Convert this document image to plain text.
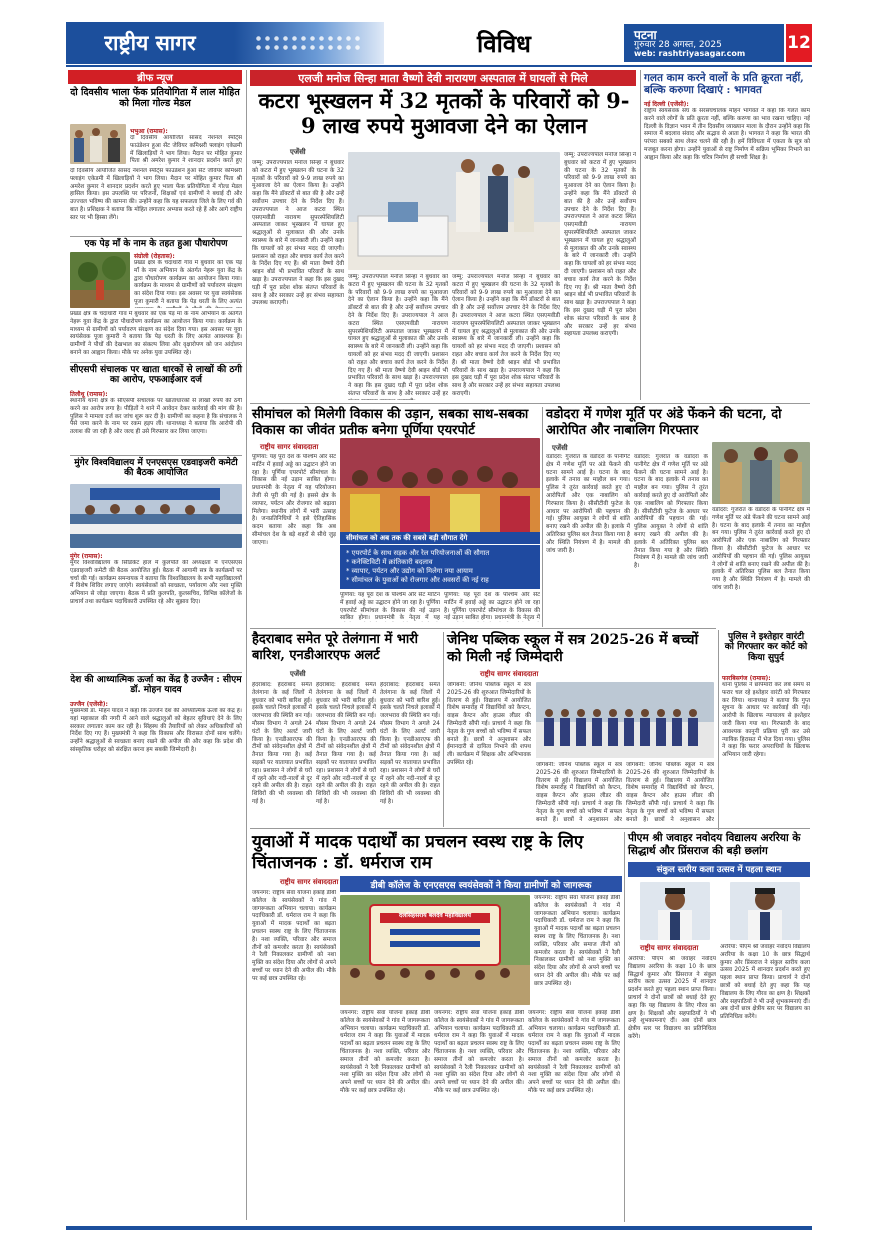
राष्ट्रीय सागर	विविध	पटना
गुरुवार 28 अगस्त, 2025
web: rashtriyasagar.com
12
ब्रीफ न्यूज
दो दिवसीय भाला फेंक प्रतियोगिता में लाल मोहित को मिला गोल्ड मेडल
भभुआ (रामास):
दो दिवसीय आयोजित सांसद नेशनल स्पोर्ट्स फाउंडेशन हुआ सेंट जेवियर कमिश्नरी फ्लाइंग एकेडमी में खिलाड़ियों ने भाग लिया। मैदान पर मोहित कुमार पिता श्री अमरेश कुमार ने शानदार प्रदर्शन करते हुए
दो दिवसीय आयोजित सांसद नेशनल स्पोर्ट्स फाउंडेशन हुआ सेंट जेवियर कमिश्नरी फ्लाइंग एकेडमी में खिलाड़ियों ने भाग लिया। मैदान पर मोहित कुमार पिता श्री अमरेश कुमार ने शानदार प्रदर्शन करते हुए भाला फेंक प्रतियोगिता में गोल्ड मेडल हासिल किया। इस उपलब्धि पर परिजनों, शिक्षकों एवं ग्रामीणों ने बधाई दी और उज्ज्वल भविष्य की कामना की। उन्होंने कहा कि यह सफलता जिले के लिए गर्व की बात है। प्रशिक्षक ने बताया कि मोहित लगातार अभ्यास करते रहे हैं और आगे राष्ट्रीय स्तर पर भी हिस्सा लेंगे।
एक पेड़ माँ के नाम के तहत हुआ पौधारोपण
संग्रोली (रोहतास):
प्रखंड क्षेत्र के चंदाधारी गांव में बुधवार को एक पेड़ माँ के नाम अभियान के अंतर्गत नेहरू युवा केंद्र के द्वारा पौधारोपण कार्यक्रम का आयोजन किया गया। कार्यक्रम के माध्यम से ग्रामीणों को पर्यावरण संरक्षण का संदेश दिया गया। इस अवसर पर युवा स्वयंसेवक पूजा कुमारी ने बताया कि पेड़ धरती के लिए अत्यंत
प्रखंड क्षेत्र के चंदाधारी गांव में बुधवार को एक पेड़ माँ के नाम अभियान के अंतर्गत नेहरू युवा केंद्र के द्वारा पौधारोपण कार्यक्रम का आयोजन किया गया। कार्यक्रम के माध्यम से ग्रामीणों को पर्यावरण संरक्षण का संदेश दिया गया। इस अवसर पर युवा स्वयंसेवक पूजा कुमारी ने बताया कि पेड़ धरती के लिए अत्यंत आवश्यक हैं। ग्रामीणों ने पौधों की देखभाल का संकल्प लिया और वृक्षारोपण को जन आंदोलन बनाने का आह्वान किया। मौके पर अनेक युवा उपस्थित रहे।
सीएसपी संचालक पर खाता धारकों से लाखों की ठगी का आरोप, एफआईआर दर्ज
तिलौथू (रामास):
स्थानीय थाना क्षेत्र के सीएसपी संचालक पर खाताधारकों से लाखों रुपये की ठगी करने का आरोप लगा है। पीड़ितों ने थाने में आवेदन देकर कार्रवाई की मांग की है। पुलिस ने मामला दर्ज कर जांच शुरू कर दी है। ग्रामीणों का कहना है कि संचालक ने पैसे जमा करने के नाम पर रकम हड़प ली। थानाध्यक्ष ने बताया कि आरोपी की तलाश की जा रही है और जल्द ही उसे गिरफ्तार कर लिया जाएगा।
मुंगेर विश्वविद्यालय में एनएसएस एडवाइजरी कमेटी की बैठक आयोजित
मुंगेर (रामास):
मुंगेर विश्वविद्यालय के सिंडिकेट हॉल में कुलपति की अध्यक्षता में एनएसएस एडवाइजरी कमेटी की बैठक आयोजित हुई। बैठक में आगामी सत्र के कार्यक्रमों पर चर्चा की गई। कार्यक्रम समन्वयक ने बताया कि विश्वविद्यालय के सभी महाविद्यालयों में विशेष शिविर लगाए जाएंगे। स्वयंसेवकों को स्वच्छता, पर्यावरण और नशा मुक्ति अभियान से जोड़ा जाएगा। बैठक में प्रति कुलपति, कुलसचिव, विभिन्न कॉलेजों के प्राचार्य तथा कार्यक्रम पदाधिकारी उपस्थित रहे और सुझाव दिए।
देश की आध्यात्मिक ऊर्जा का केंद्र है उज्जैन : सीएम डॉ. मोहन यादव
उज्जैन (एजेंसी):
मुख्यमंत्री डॉ. मोहन यादव ने कहा कि उज्जैन देश की आध्यात्मिक ऊर्जा का केंद्र है। यहां महाकाल की नगरी में आने वाले श्रद्धालुओं को बेहतर सुविधाएं देने के लिए सरकार लगातार काम कर रही है। सिंहस्थ की तैयारियों को लेकर अधिकारियों को निर्देश दिए गए हैं। मुख्यमंत्री ने कहा कि विकास और विरासत दोनों साथ चलेंगे। उन्होंने श्रद्धालुओं से स्वच्छता बनाए रखने की अपील की और कहा कि प्रदेश की सांस्कृतिक धरोहर को संरक्षित करना हम सबकी जिम्मेदारी है।
एलजी मनोज सिन्हा माता वैष्णो देवी नारायण अस्पताल में घायलों से मिले
कटरा भूस्खलन में 32 मृतकों के परिवारों को 9-9 लाख रुपये मुआवजा देने का ऐलान
एजेंसी
जम्मू: उपराज्यपाल मनोज सिन्हा ने बुधवार को कटरा में हुए भूस्खलन की घटना के 32 मृतकों के परिवारों को 9-9 लाख रुपये का मुआवजा देने का ऐलान किया है। उन्होंने कहा कि मैंने डॉक्टरों से बात की है और उन्हें सर्वोत्तम उपचार देने के निर्देश दिए हैं। उपराज्यपाल ने आज कटरा स्थित एसएमवीडी नारायण सुपरस्पेशियलिटी अस्पताल जाकर भूस्खलन में घायल हुए श्रद्धालुओं से मुलाकात की और उनके स्वास्थ्य के बारे में जानकारी ली। उन्होंने कहा कि घायलों को हर संभव मदद दी जाएगी। प्रशासन को राहत और बचाव कार्य तेज करने के निर्देश दिए गए हैं। श्री माता वैष्णो देवी श्राइन बोर्ड भी प्रभावित परिवारों के साथ खड़ा है। उपराज्यपाल ने कहा कि इस दुखद घड़ी में पूरा प्रदेश शोक संतप्त परिवारों के साथ है और सरकार उन्हें हर संभव सहायता उपलब्ध कराएगी।
जम्मू: उपराज्यपाल मनोज सिन्हा ने बुधवार को कटरा में हुए भूस्खलन की घटना के 32 मृतकों के परिवारों को 9-9 लाख रुपये का मुआवजा देने का ऐलान किया है। उन्होंने कहा कि मैंने डॉक्टरों से बात की है और उन्हें सर्वोत्तम उपचार देने के निर्देश दिए हैं। उपराज्यपाल ने आज कटरा स्थित एसएमवीडी नारायण सुपरस्पेशियलिटी अस्पताल जाकर भूस्खलन में घायल हुए श्रद्धालुओं से मुलाकात की और उनके स्वास्थ्य के बारे में जानकारी ली। उन्होंने कहा कि घायलों को हर संभव मदद दी जाएगी। प्रशासन को राहत और बचाव कार्य तेज करने के निर्देश दिए गए हैं। श्री माता वैष्णो देवी श्राइन बोर्ड भी प्रभावित परिवारों के साथ खड़ा है। उपराज्यपाल ने कहा कि इस दुखद घड़ी में पूरा प्रदेश शोक संतप्त परिवारों के साथ है और सरकार उन्हें हर
जम्मू: उपराज्यपाल मनोज सिन्हा ने बुधवार को कटरा में हुए भूस्खलन की घटना के 32 मृतकों के परिवारों को 9-9 लाख रुपये का मुआवजा देने का ऐलान किया है। उन्होंने कहा कि मैंने डॉक्टरों से बात की है और उन्हें सर्वोत्तम उपचार देने के निर्देश दिए हैं। उपराज्यपाल ने आज कटरा स्थित एसएमवीडी नारायण सुपरस्पेशियलिटी अस्पताल जाकर भूस्खलन में घायल हुए श्रद्धालुओं से मुलाकात की और उनके स्वास्थ्य के बारे में जानकारी ली। उन्होंने कहा कि घायलों को हर संभव मदद दी जाएगी। प्रशासन को राहत और बचाव कार्य तेज करने के निर्देश दिए गए हैं। श्री माता वैष्णो देवी श्राइन बोर्ड भी प्रभावित परिवारों के साथ खड़ा है। उपराज्यपाल ने कहा कि इस दुखद घड़ी में पूरा प्रदेश शोक संतप्त परिवारों के साथ है और सरकार उन्हें हर संभव सहायता उपलब्ध कराएगी।
जम्मू: उपराज्यपाल मनोज सिन्हा ने बुधवार को कटरा में हुए भूस्खलन की घटना के 32 मृतकों के परिवारों को 9-9 लाख रुपये का मुआवजा देने का ऐलान किया है। उन्होंने कहा कि मैंने डॉक्टरों से बात की है और उन्हें सर्वोत्तम उपचार देने के निर्देश दिए हैं। उपराज्यपाल ने आज कटरा स्थित एसएमवीडी नारायण सुपरस्पेशियलिटी अस्पताल जाकर भूस्खलन में घायल हुए श्रद्धालुओं से मुलाकात की और उनके स्वास्थ्य के बारे में जानकारी ली। उन्होंने कहा कि घायलों को हर संभव मदद दी जाएगी। प्रशासन को राहत और बचाव कार्य तेज करने के निर्देश दिए गए हैं। श्री माता वैष्णो देवी श्राइन बोर्ड भी प्रभावित परिवारों के साथ खड़ा है। उपराज्यपाल ने कहा कि इस दुखद घड़ी में पूरा प्रदेश शोक संतप्त परिवारों के साथ है और सरकार उन्हें हर संभव सहायता उपलब्ध कराएगी।
गलत काम करने वालों के प्रति क्रूरता नहीं, बल्कि करुणा दिखाएं : भागवत
नई दिल्ली (एजेंसी):
राष्ट्रीय स्वयंसेवक संघ के सरसंघचालक मोहन भागवत ने कहा कि गलत काम करने वाले लोगों के प्रति क्रूरता नहीं, बल्कि करुणा का भाव रखना चाहिए। नई दिल्ली के विज्ञान भवन में तीन दिवसीय व्याख्यान माला के दौरान उन्होंने कहा कि समाज में बदलाव संवाद और सद्भाव से आता है। भागवत ने कहा कि भारत की परंपरा सबको साथ लेकर चलने की रही है। हमें विविधता में एकता के सूत्र को मजबूत करना होगा। उन्होंने युवाओं से राष्ट्र निर्माण में सक्रिय भूमिका निभाने का आह्वान किया और कहा कि चरित्र निर्माण ही सच्ची शिक्षा है।
सीमांचल को मिलेगी विकास की उड़ान, सबका साथ-सबका विकास का जीवंत प्रतीक बनेगा पूर्णिया एयरपोर्ट
राष्ट्रीय सागर संवाददाता
पूर्णिया: यह पूरा देश के पश्चिम और सेंट मार्टिन में हवाई अड्डे का उद्घाटन होने जा रहा है। पूर्णिया एयरपोर्ट सीमांचल के विकास की नई उड़ान साबित होगा। प्रधानमंत्री के नेतृत्व में यह परियोजना तेजी से पूरी की गई है। इससे क्षेत्र के व्यापार, पर्यटन और रोजगार को बढ़ावा मिलेगा। स्थानीय लोगों में भारी उत्साह है। जनप्रतिनिधियों ने इसे ऐतिहासिक कदम बताया और कहा कि अब सीमांचल देश के बड़े शहरों से सीधे जुड़ जाएगा।
सीमांचल को अब तक की सबसे बड़ी सौगात देंगे
* एयरपोर्ट के साथ सड़क और रेल परियोजनाओं की सौगात
* कनेक्टिविटी में क्रांतिकारी बदलाव
* व्यापार, पर्यटन और उद्योग को मिलेगा नया आयाम
* सीमांचल के युवाओं को रोजगार और अवसरों की नई राह
पूर्णिया: यह पूरा देश के पश्चिम और सेंट मार्टिन में हवाई अड्डे का उद्घाटन होने जा रहा है। पूर्णिया एयरपोर्ट सीमांचल के विकास की नई उड़ान साबित होगा। प्रधानमंत्री के नेतृत्व में यह
पूर्णिया: यह पूरा देश के पश्चिम और सेंट मार्टिन में हवाई अड्डे का उद्घाटन होने जा रहा है। पूर्णिया एयरपोर्ट सीमांचल के विकास की नई उड़ान साबित होगा। प्रधानमंत्री के नेतृत्व में
वडोदरा में गणेश मूर्ति पर अंडे फेंकने की घटना, दो आरोपित और नाबालिग गिरफ्तार
एजेंसी
वडोदरा: गुजरात के वडोदरा के पानीगेट क्षेत्र में गणेश मूर्ति पर अंडे फेंकने की घटना सामने आई है। घटना के बाद इलाके में तनाव का माहौल बन गया। पुलिस ने तुरंत कार्रवाई करते हुए दो आरोपितों और एक नाबालिग को गिरफ्तार किया है। सीसीटीवी फुटेज के आधार पर आरोपियों की पहचान की गई। पुलिस आयुक्त ने लोगों से शांति बनाए रखने की अपील की है। इलाके में अतिरिक्त पुलिस बल तैनात किया गया है और स्थिति नियंत्रण में है। मामले की जांच जारी है।
वडोदरा: गुजरात के वडोदरा के पानीगेट क्षेत्र में गणेश मूर्ति पर अंडे फेंकने की घटना सामने आई है। घटना के बाद इलाके में तनाव का माहौल बन गया। पुलिस ने तुरंत कार्रवाई करते हुए दो आरोपितों और एक नाबालिग को गिरफ्तार किया है। सीसीटीवी फुटेज के आधार पर आरोपियों की पहचान की गई। पुलिस आयुक्त ने लोगों से शांति बनाए रखने की अपील की है। इलाके में अतिरिक्त पुलिस बल तैनात किया गया है और स्थिति नियंत्रण में है। मामले की जांच जारी है।
वडोदरा: गुजरात के वडोदरा के पानीगेट क्षेत्र में गणेश मूर्ति पर अंडे फेंकने की घटना सामने आई है। घटना के बाद इलाके में तनाव का माहौल बन गया। पुलिस ने तुरंत कार्रवाई करते हुए दो आरोपितों और एक नाबालिग को गिरफ्तार किया है। सीसीटीवी फुटेज के आधार पर आरोपियों की पहचान की गई। पुलिस आयुक्त ने लोगों से शांति बनाए रखने की अपील की है। इलाके में अतिरिक्त पुलिस बल तैनात किया गया है और स्थिति नियंत्रण में है। मामले की जांच जारी है।
हैदराबाद समेत पूरे तेलंगाना में भारी बारिश, एनडीआरएफ अलर्ट
एजेंसी
हैदराबाद: हैदराबाद समेत तेलंगाना के कई जिलों में बुधवार को भारी बारिश हुई। इसके चलते निचले इलाकों में जलभराव की स्थिति बन गई। मौसम विभाग ने अगले 24 घंटों के लिए अलर्ट जारी किया है। एनडीआरएफ की टीमों को संवेदनशील क्षेत्रों में तैनात किया गया है। कई सड़कों पर यातायात प्रभावित रहा। प्रशासन ने लोगों से घरों में रहने और नदी-नालों से दूर रहने की अपील की है। राहत शिविरों की भी व्यवस्था की गई है।
हैदराबाद: हैदराबाद समेत तेलंगाना के कई जिलों में बुधवार को भारी बारिश हुई। इसके चलते निचले इलाकों में जलभराव की स्थिति बन गई। मौसम विभाग ने अगले 24 घंटों के लिए अलर्ट जारी किया है। एनडीआरएफ की टीमों को संवेदनशील क्षेत्रों में तैनात किया गया है। कई सड़कों पर यातायात प्रभावित रहा। प्रशासन ने लोगों से घरों में रहने और नदी-नालों से दूर रहने की अपील की है। राहत शिविरों की भी व्यवस्था की गई है।
हैदराबाद: हैदराबाद समेत तेलंगाना के कई जिलों में बुधवार को भारी बारिश हुई। इसके चलते निचले इलाकों में जलभराव की स्थिति बन गई। मौसम विभाग ने अगले 24 घंटों के लिए अलर्ट जारी किया है। एनडीआरएफ की टीमों को संवेदनशील क्षेत्रों में तैनात किया गया है। कई सड़कों पर यातायात प्रभावित रहा। प्रशासन ने लोगों से घरों में रहने और नदी-नालों से दूर रहने की अपील की है। राहत शिविरों की भी व्यवस्था की गई है।
जेनिथ पब्लिक स्कूल में सत्र 2025-26 में बच्चों को मिली नई जिम्मेदारी
राष्ट्रीय सागर संवाददाता
जोगबनी: जेनिथ पब्लिक स्कूल में सत्र 2025-26 की शुरुआत जिम्मेदारियों के वितरण से हुई। विद्यालय में आयोजित विशेष समारोह में विद्यार्थियों को कैप्टन, वाइस कैप्टन और हाउस लीडर की जिम्मेदारी सौंपी गई। प्राचार्य ने कहा कि नेतृत्व के गुण बच्चों को भविष्य में सफल बनाते हैं। छात्रों ने अनुशासन और ईमानदारी से दायित्व निभाने की शपथ ली। कार्यक्रम में शिक्षक और अभिभावक उपस्थित रहे।	जोगबनी: जेनिथ पब्लिक स्कूल में सत्र 2025-26 की शुरुआत जिम्मेदारियों के वितरण से हुई। विद्यालय में आयोजित विशेष समारोह में विद्यार्थियों को कैप्टन, वाइस कैप्टन और हाउस लीडर की जिम्मेदारी सौंपी गई। प्राचार्य ने कहा कि नेतृत्व के गुण बच्चों को भविष्य में सफल बनाते हैं। छात्रों ने अनुशासन और
जोगबनी: जेनिथ पब्लिक स्कूल में सत्र 2025-26 की शुरुआत जिम्मेदारियों के वितरण से हुई। विद्यालय में आयोजित विशेष समारोह में विद्यार्थियों को कैप्टन, वाइस कैप्टन और हाउस लीडर की जिम्मेदारी सौंपी गई। प्राचार्य ने कहा कि नेतृत्व के गुण बच्चों को भविष्य में सफल बनाते हैं। छात्रों ने अनुशासन और
पुलिस ने इश्तेहार वारंटी को गिरफ्तार कर कोर्ट को किया सुपुर्द
फारबिसगंज (रामास):
थाना पुलिस ने छापेमारी कर लंबे समय से फरार चल रहे इश्तेहार वारंटी को गिरफ्तार कर लिया। थानाध्यक्ष ने बताया कि गुप्त सूचना के आधार पर कार्रवाई की गई। आरोपी के खिलाफ न्यायालय से इश्तेहार जारी किया गया था। गिरफ्तारी के बाद आवश्यक कानूनी प्रक्रिया पूरी कर उसे न्यायिक हिरासत में भेज दिया गया। पुलिस ने कहा कि फरार अपराधियों के खिलाफ अभियान जारी रहेगा।
युवाओं में मादक पदार्थों का प्रचलन स्वस्थ राष्ट्र के लिए चिंताजनक : डॉ. धर्मराज राम
राष्ट्रीय सागर संवाददाता	डीबी कॉलेज के एनएसएस स्वयंसेवकों ने किया ग्रामीणों को जागरूक
जयनगर: राष्ट्रीय सेवा योजना इकाई डीबी कॉलेज के स्वयंसेवकों ने गांव में जागरूकता अभियान चलाया। कार्यक्रम पदाधिकारी डॉ. धर्मराज राम ने कहा कि युवाओं में मादक पदार्थों का बढ़ता प्रचलन स्वस्थ राष्ट्र के लिए चिंताजनक है। नशा व्यक्ति, परिवार और समाज तीनों को कमजोर करता है। स्वयंसेवकों ने रैली निकालकर ग्रामीणों को नशा मुक्ति का संदेश दिया और लोगों से अपने बच्चों पर ध्यान देने की अपील की। मौके पर कई छात्र उपस्थित रहे।
दलसिंहसराय बलदेव महाविद्यालय
जयनगर: राष्ट्रीय सेवा योजना इकाई डीबी कॉलेज के स्वयंसेवकों ने गांव में जागरूकता अभियान चलाया। कार्यक्रम पदाधिकारी डॉ. धर्मराज राम ने कहा कि युवाओं में मादक पदार्थों का बढ़ता प्रचलन स्वस्थ राष्ट्र के लिए चिंताजनक है। नशा व्यक्ति, परिवार और समाज तीनों को कमजोर करता है। स्वयंसेवकों ने रैली निकालकर ग्रामीणों को नशा मुक्ति का संदेश दिया और लोगों से अपने बच्चों पर ध्यान देने की अपील की। मौके पर कई छात्र उपस्थित रहे।
जयनगर: राष्ट्रीय सेवा योजना इकाई डीबी कॉलेज के स्वयंसेवकों ने गांव में जागरूकता अभियान चलाया। कार्यक्रम पदाधिकारी डॉ. धर्मराज राम ने कहा कि युवाओं में मादक पदार्थों का बढ़ता प्रचलन स्वस्थ राष्ट्र के लिए चिंताजनक है। नशा व्यक्ति, परिवार और समाज तीनों को कमजोर करता है। स्वयंसेवकों ने रैली निकालकर ग्रामीणों को नशा मुक्ति का संदेश दिया और लोगों से अपने बच्चों पर ध्यान देने की अपील की। मौके पर कई छात्र उपस्थित रहे।
जयनगर: राष्ट्रीय सेवा योजना इकाई डीबी कॉलेज के स्वयंसेवकों ने गांव में जागरूकता अभियान चलाया। कार्यक्रम पदाधिकारी डॉ. धर्मराज राम ने कहा कि युवाओं में मादक पदार्थों का बढ़ता प्रचलन स्वस्थ राष्ट्र के लिए चिंताजनक है। नशा व्यक्ति, परिवार और समाज तीनों को कमजोर करता है। स्वयंसेवकों ने रैली निकालकर ग्रामीणों को नशा मुक्ति का संदेश दिया और लोगों से अपने बच्चों पर ध्यान देने की अपील की। मौके पर कई छात्र उपस्थित रहे।
जयनगर: राष्ट्रीय सेवा योजना इकाई डीबी कॉलेज के स्वयंसेवकों ने गांव में जागरूकता अभियान चलाया। कार्यक्रम पदाधिकारी डॉ. धर्मराज राम ने कहा कि युवाओं में मादक पदार्थों का बढ़ता प्रचलन स्वस्थ राष्ट्र के लिए चिंताजनक है। नशा व्यक्ति, परिवार और समाज तीनों को कमजोर करता है। स्वयंसेवकों ने रैली निकालकर ग्रामीणों को नशा मुक्ति का संदेश दिया और लोगों से अपने बच्चों पर ध्यान देने की अपील की। मौके पर कई छात्र उपस्थित रहे।
पीएम श्री जवाहर नवोदय विद्यालय अररिया के सिद्धार्थ और प्रिंसराज की बड़ी छलांग
संकुल स्तरीय कला उत्सव में पहला स्थान
राष्ट्रीय सागर संवाददाता
अररिया: पीएम श्री जवाहर नवोदय विद्यालय अररिया के कक्षा 10 के छात्र सिद्धार्थ कुमार और प्रिंसराज ने संकुल स्तरीय कला उत्सव 2025 में शानदार प्रदर्शन करते हुए पहला स्थान प्राप्त किया। प्राचार्य ने दोनों छात्रों को बधाई देते हुए कहा कि यह विद्यालय के लिए गौरव का क्षण है। शिक्षकों और सहपाठियों ने भी उन्हें शुभकामनाएं दीं। अब दोनों छात्र क्षेत्रीय स्तर पर विद्यालय का प्रतिनिधित्व करेंगे।
अररिया: पीएम श्री जवाहर नवोदय विद्यालय अररिया के कक्षा 10 के छात्र सिद्धार्थ कुमार और प्रिंसराज ने संकुल स्तरीय कला उत्सव 2025 में शानदार प्रदर्शन करते हुए पहला स्थान प्राप्त किया। प्राचार्य ने दोनों छात्रों को बधाई देते हुए कहा कि यह विद्यालय के लिए गौरव का क्षण है। शिक्षकों और सहपाठियों ने भी उन्हें शुभकामनाएं दीं। अब दोनों छात्र क्षेत्रीय स्तर पर विद्यालय का प्रतिनिधित्व करेंगे।
